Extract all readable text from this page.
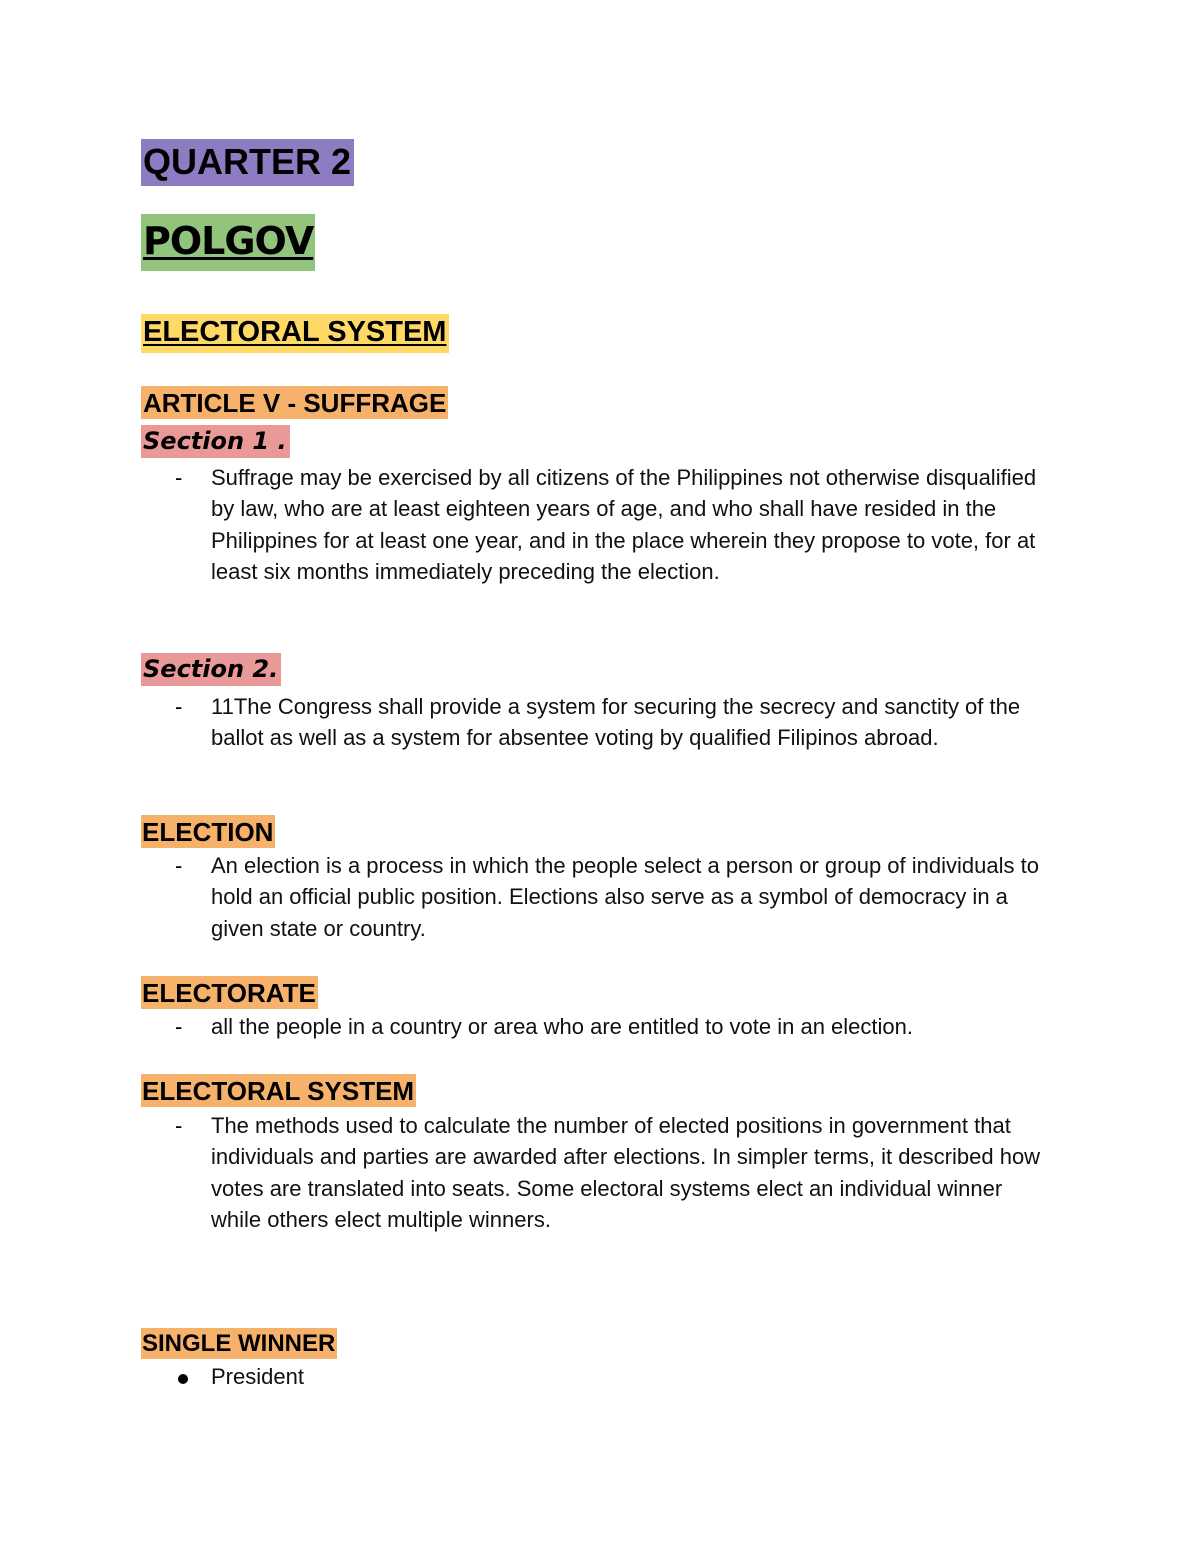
QUARTER 2
POLGOV
ELECTORAL SYSTEM
ARTICLE V - SUFFRAGE
Section 1 .
-	Suffrage may be exercised by all citizens of the Philippines not otherwise disqualified by law, who are at least eighteen years of age, and who shall have resided in the Philippines for at least one year, and in the place wherein they propose to vote, for at least six months immediately preceding the election.
Section 2.
-	11The Congress shall provide a system for securing the secrecy and sanctity of the ballot as well as a system for absentee voting by qualified Filipinos abroad.
ELECTION
-	An election is a process in which the people select a person or group of individuals to hold an official public position. Elections also serve as a symbol of democracy in a given state or country.
ELECTORATE
-	all the people in a country or area who are entitled to vote in an election.
ELECTORAL SYSTEM
-	The methods used to calculate the number of elected positions in government that individuals and parties are awarded after elections. In simpler terms, it described how votes are translated into seats. Some electoral systems elect an individual winner while others elect multiple winners.
SINGLE WINNER
President
